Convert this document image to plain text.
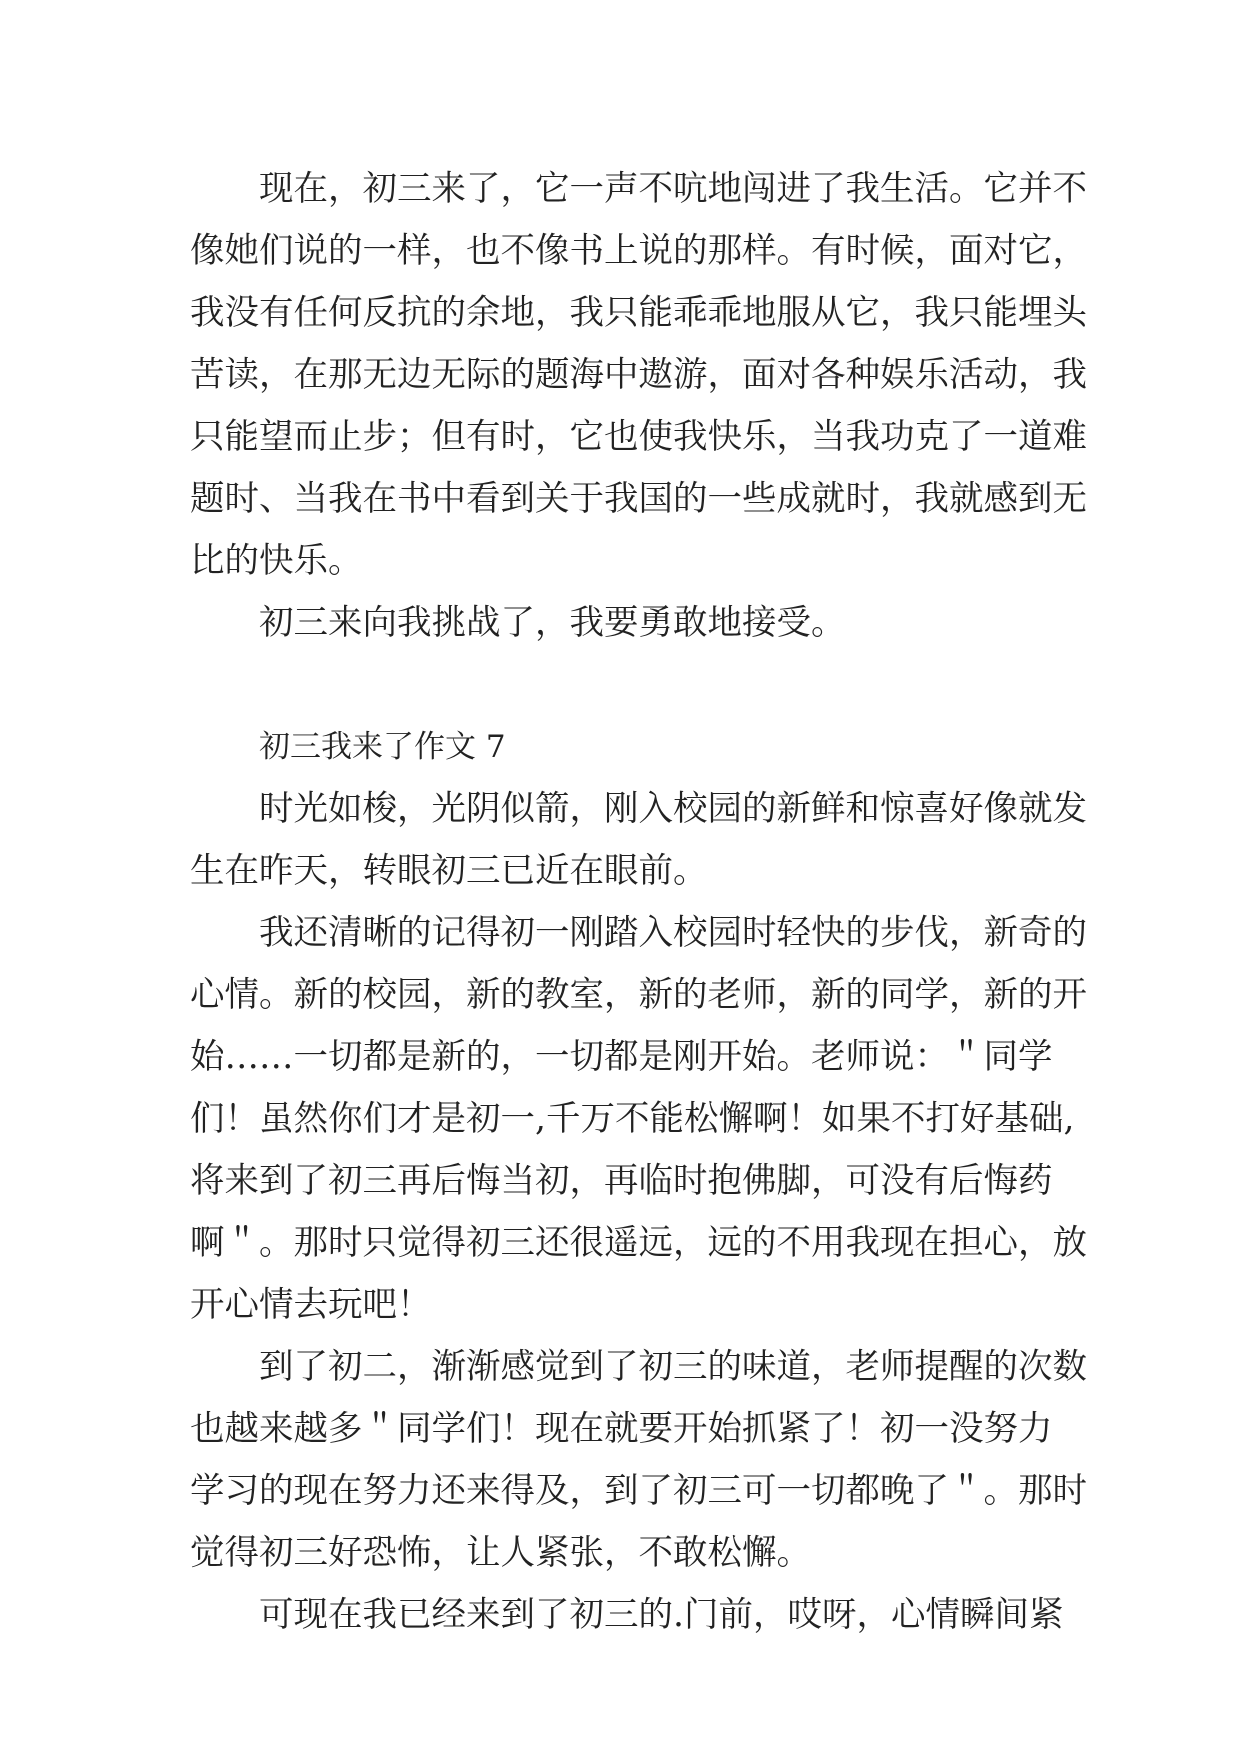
现在，初三来了，它一声不吭地闯进了我生活。它并不
像她们说的一样，也不像书上说的那样。有时候，面对它，
我没有任何反抗的余地，我只能乖乖地服从它，我只能埋头
苦读，在那无边无际的题海中遨游，面对各种娱乐活动，我
只能望而止步；但有时，它也使我快乐，当我功克了一道难
题时、当我在书中看到关于我国的一些成就时，我就感到无
比的快乐。
初三来向我挑战了，我要勇敢地接受。
初三我来了作文 7
时光如梭，光阴似箭，刚入校园的新鲜和惊喜好像就发
生在昨天，转眼初三已近在眼前。
我还清晰的记得初一刚踏入校园时轻快的步伐，新奇的
心情。新的校园，新的教室，新的老师，新的同学，新的开
始……一切都是新的，一切都是刚开始。老师说：＂同学
们！虽然你们才是初一,千万不能松懈啊！如果不打好基础,
将来到了初三再后悔当初，再临时抱佛脚，可没有后悔药
啊＂。那时只觉得初三还很遥远，远的不用我现在担心，放
开心情去玩吧！
到了初二，渐渐感觉到了初三的味道，老师提醒的次数
也越来越多＂同学们！现在就要开始抓紧了！初一没努力
学习的现在努力还来得及，到了初三可一切都晚了＂。那时
觉得初三好恐怖，让人紧张，不敢松懈。
可现在我已经来到了初三的.门前，哎呀，心情瞬间紧
